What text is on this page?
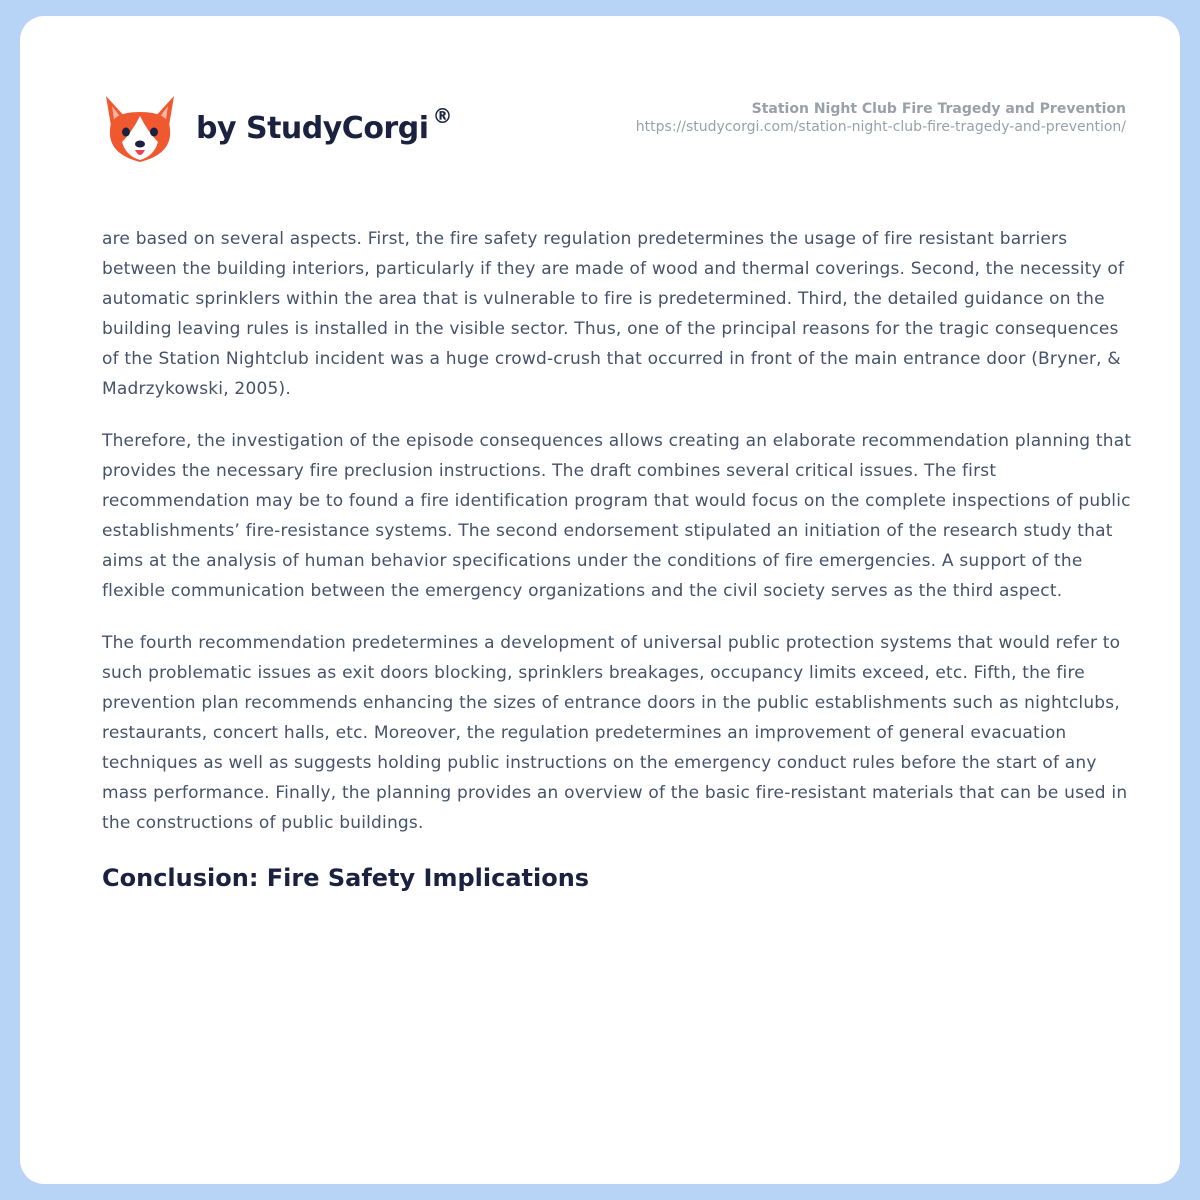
by StudyCorgi ®	Station Night Club Fire Tragedy and Prevention
https://studycorgi.com/station-night-club-fire-tragedy-and-prevention/

are based on several aspects. First, the fire safety regulation predetermines the usage of fire resistant barriers between the building interiors, particularly if they are made of wood and thermal coverings. Second, the necessity of automatic sprinklers within the area that is vulnerable to fire is predetermined. Third, the detailed guidance on the building leaving rules is installed in the visible sector. Thus, one of the principal reasons for the tragic consequences of the Station Nightclub incident was a huge crowd-crush that occurred in front of the main entrance door (Bryner, & Madrzykowski, 2005).

Therefore, the investigation of the episode consequences allows creating an elaborate recommendation planning that provides the necessary fire preclusion instructions. The draft combines several critical issues. The first recommendation may be to found a fire identification program that would focus on the complete inspections of public establishments’ fire-resistance systems. The second endorsement stipulated an initiation of the research study that aims at the analysis of human behavior specifications under the conditions of fire emergencies. A support of the flexible communication between the emergency organizations and the civil society serves as the third aspect.

The fourth recommendation predetermines a development of universal public protection systems that would refer to such problematic issues as exit doors blocking, sprinklers breakages, occupancy limits exceed, etc. Fifth, the fire prevention plan recommends enhancing the sizes of entrance doors in the public establishments such as nightclubs, restaurants, concert halls, etc. Moreover, the regulation predetermines an improvement of general evacuation techniques as well as suggests holding public instructions on the emergency conduct rules before the start of any mass performance. Finally, the planning provides an overview of the basic fire-resistant materials that can be used in the constructions of public buildings.

Conclusion: Fire Safety Implications
